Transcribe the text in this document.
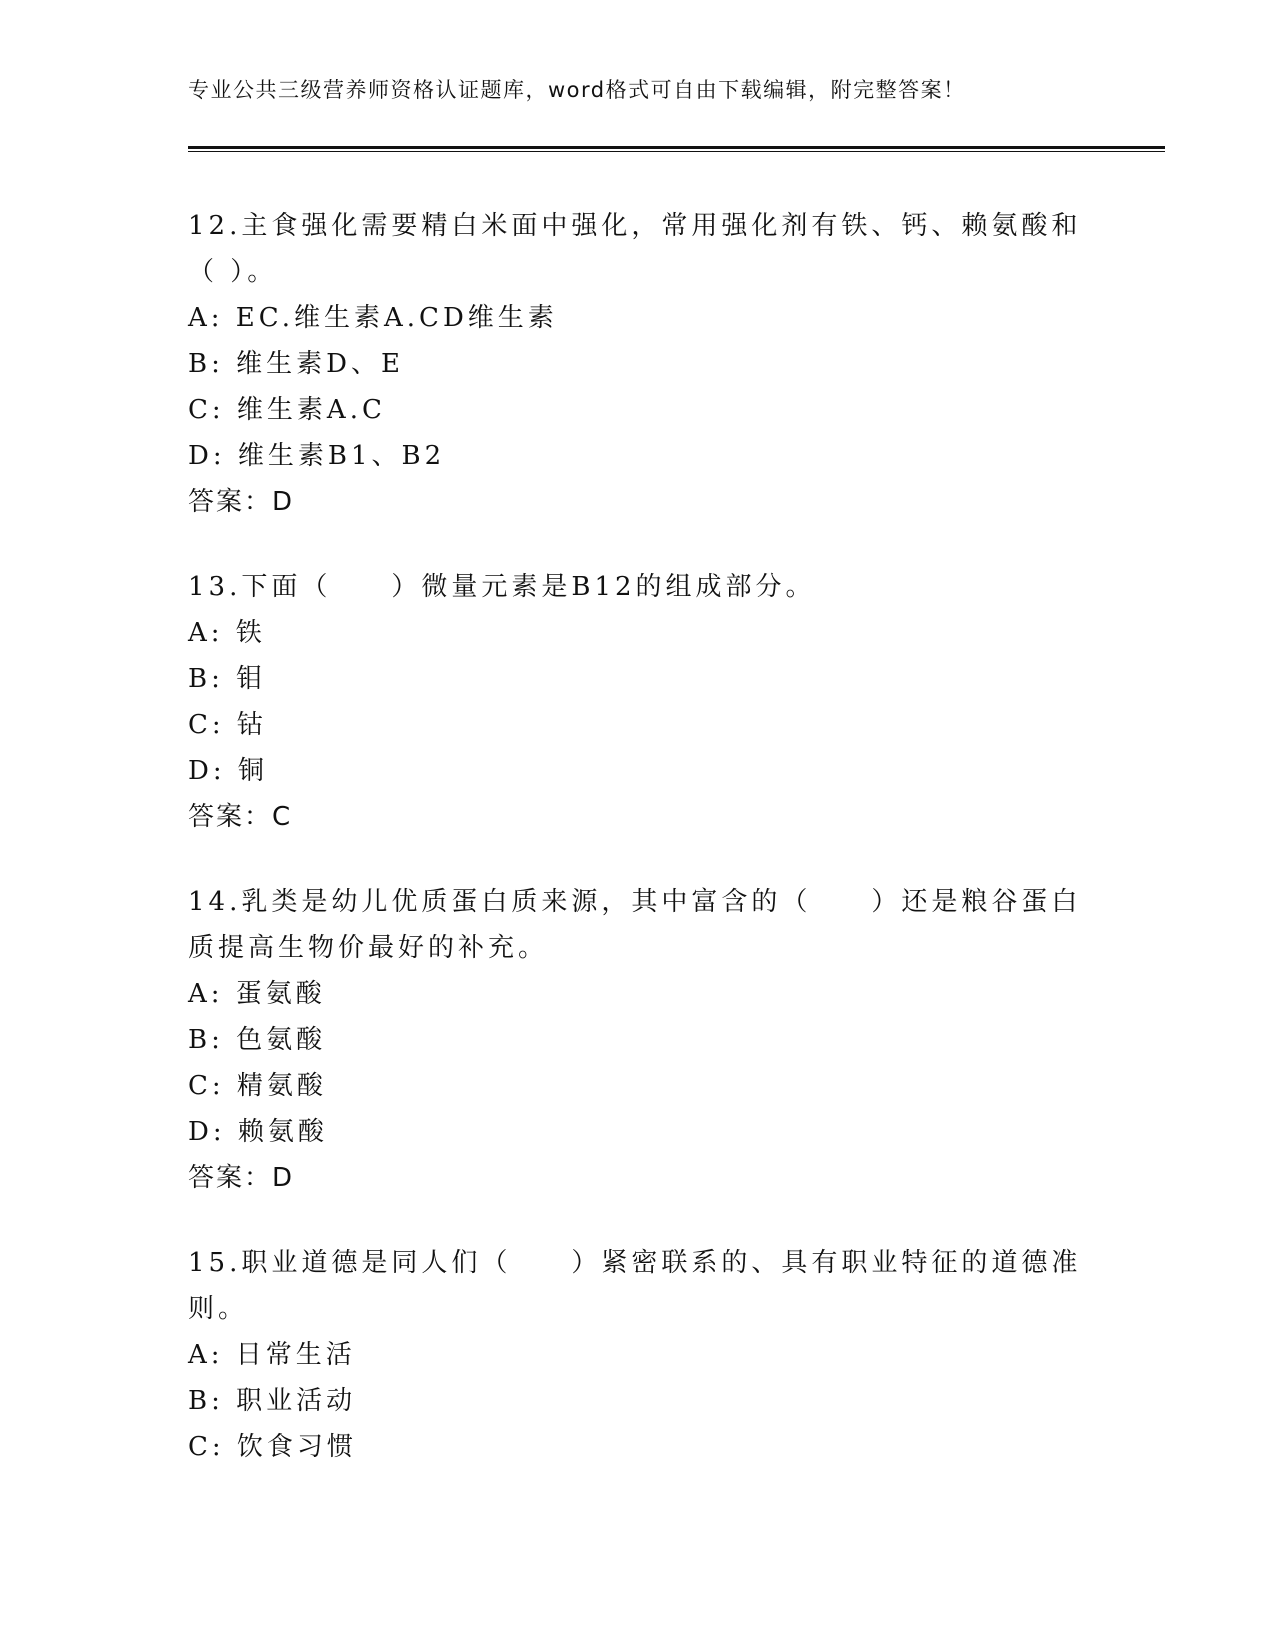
专业公共三级营养师资格认证题库，word格式可自由下载编辑，附完整答案！
12.主食强化需要精白米面中强化，常用强化剂有铁、钙、赖氨酸和（ ）。
A: EC.维生素A.CD维生素
B: 维生素D、E
C: 维生素A.C
D: 维生素B1、B2
答案：D
13.下面（　　）微量元素是B12的组成部分。
A: 铁
B: 钼
C: 钴
D: 铜
答案：C
14.乳类是幼儿优质蛋白质来源，其中富含的（　　）还是粮谷蛋白质提高生物价最好的补充。
A: 蛋氨酸
B: 色氨酸
C: 精氨酸
D: 赖氨酸
答案：D
15.职业道德是同人们（　　）紧密联系的、具有职业特征的道德准则。
A: 日常生活
B: 职业活动
C: 饮食习惯
